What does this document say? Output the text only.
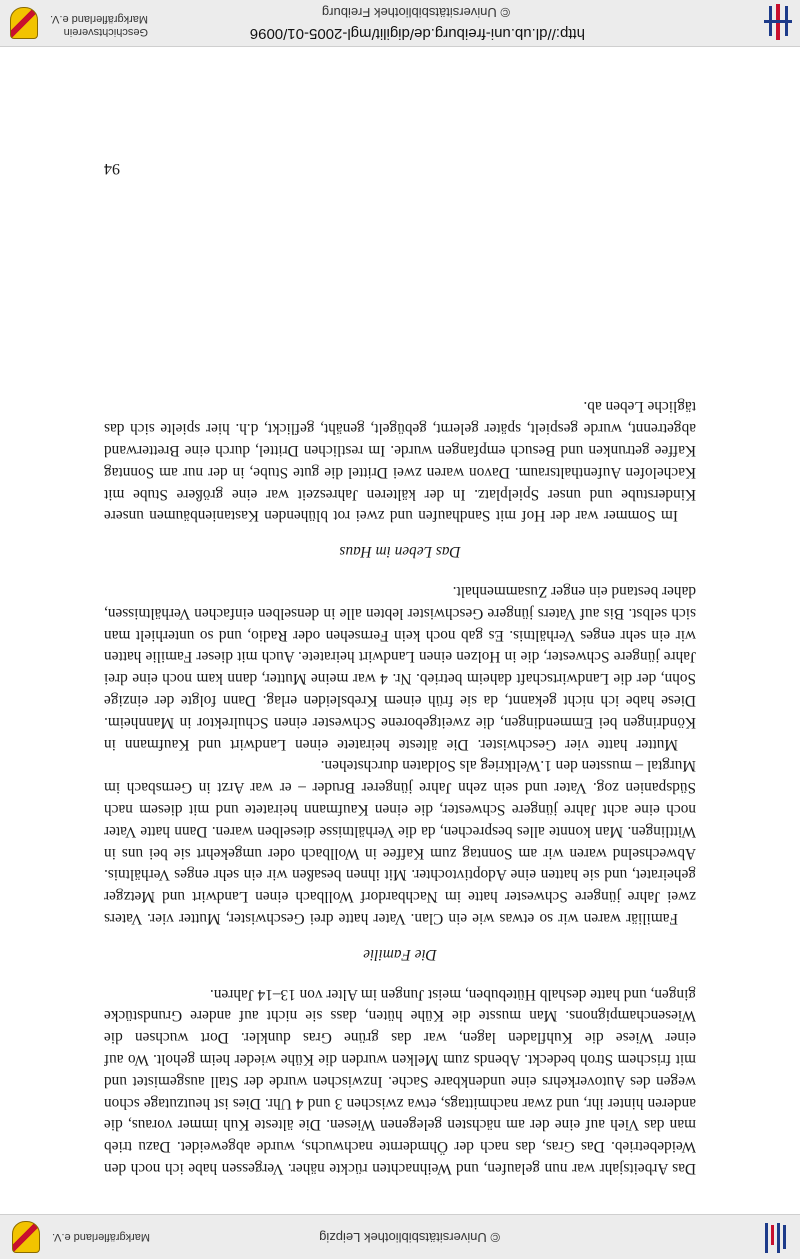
© Universitätsbibliothek Leipzig
Markgräflerland e.V.

Das Arbeitsjahr war nun gelaufen, und Weihnachten rückte näher. Vergessen habe ich noch den Weidebetrieb. Das Gras, das nach der Öhmdernte nachwuchs, wurde abgeweidet. Dazu trieb man das Vieh auf eine der am nächsten gelegenen Wiesen. Die älteste Kuh immer voraus, die anderen hinter ihr, und zwar nachmittags, etwa zwischen 3 und 4 Uhr. Dies ist heutzutage schon wegen des Autoverkehrs eine undenkbare Sache. Inzwischen wurde der Stall ausgemistet und mit frischem Stroh bedeckt. Abends zum Melken wurden die Kühe wieder heim geholt. Wo auf einer Wiese die Kuhfladen lagen, war das grüne Gras dunkler. Dort wuchsen die Wiesenchampignons. Man musste die Kühe hüten, dass sie nicht auf andere Grundstücke gingen, und hatte deshalb Hütebuben, meist Jungen im Alter von 13–14 Jahren.

Die Familie

Familiär waren wir so etwas wie ein Clan. Vater hatte drei Geschwister, Mutter vier. Vaters zwei Jahre jüngere Schwester hatte im Nachbardorf Wollbach einen Landwirt und Metzger geheiratet, und sie hatten eine Adoptivtochter. Mit ihnen besaßen wir ein sehr enges Verhältnis. Abwechselnd waren wir am Sonntag zum Kaffee in Wollbach oder umgekehrt sie bei uns in Wittlingen. Man konnte alles besprechen, da die Verhältnisse dieselben waren. Dann hatte Vater noch eine acht Jahre jüngere Schwester, die einen Kaufmann heiratete und mit diesem nach Südspanien zog. Vater und sein zehn Jahre jüngerer Bruder – er war Arzt in Gernsbach im Murgtal – mussten den 1.Weltkrieg als Soldaten durchstehen.

Mutter hatte vier Geschwister. Die älteste heiratete einen Landwirt und Kaufmann in Köndringen bei Emmendingen, die zweitgeborene Schwester einen Schulrektor in Mannheim. Diese habe ich nicht gekannt, da sie früh einem Krebsleiden erlag. Dann folgte der einzige Sohn, der die Landwirtschaft daheim betrieb. Nr. 4 war meine Mutter, dann kam noch eine drei Jahre jüngere Schwester, die in Holzen einen Landwirt heiratete. Auch mit dieser Familie hatten wir ein sehr enges Verhältnis. Es gab noch kein Fernsehen oder Radio, und so unterhielt man sich selbst. Bis auf Vaters jüngere Geschwister lebten alle in denselben einfachen Verhältnissen, daher bestand ein enger Zusammenhalt.

Das Leben im Haus

Im Sommer war der Hof mit Sandhaufen und zwei rot blühenden Kastanienbäumen unsere Kinderstube und unser Spielplatz. In der kälteren Jahreszeit war eine größere Stube mit Kachelofen Aufenthaltsraum. Davon waren zwei Drittel die gute Stube, in der nur am Sonntag Kaffee getrunken und Besuch empfangen wurde. Im restlichen Drittel, durch eine Bretterwand abgetrennt, wurde gespielt, später gelernt, gebügelt, genäht, geflickt, d.h. hier spielte sich das tägliche Leben ab.

94
http://dl.ub.uni-freiburg.de/digilit/mgl-2005-01/0096
© Universitätsbibliothek Freiburg
Geschichtsverein
Markgräflerland e.V.
